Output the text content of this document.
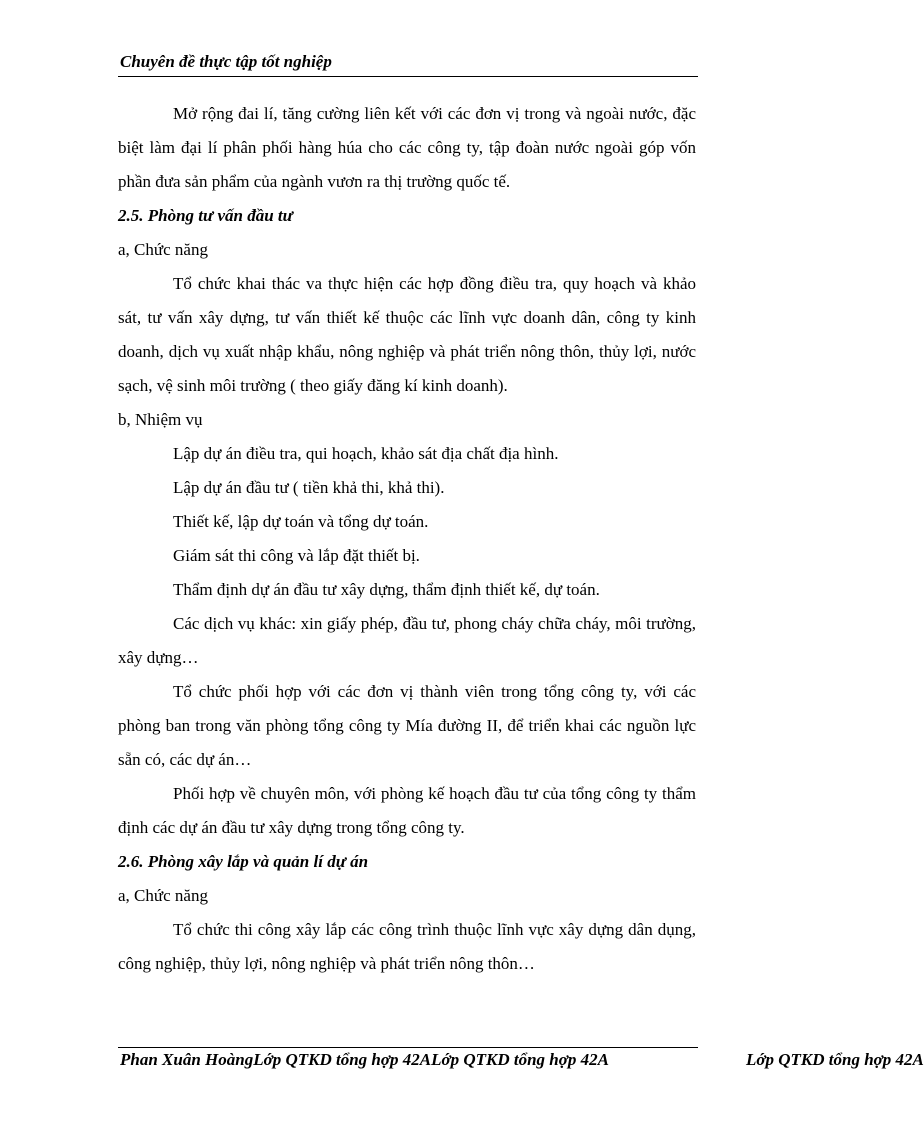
Chuyên đề thực tập tốt nghiệp

Mở rộng đai lí, tăng cường liên kết với các đơn vị trong và ngoài nước, đặc biệt làm đại lí phân phối hàng húa cho các công ty, tập đoàn nước ngoài góp vốn phần đưa sản phẩm của ngành vươn ra thị trường quốc tế.

2.5. Phòng tư vấn đầu tư

a, Chức năng

Tổ chức khai thác va thực hiện các hợp đồng điều tra, quy hoạch và khảo sát, tư vấn xây dựng, tư vấn thiết kế thuộc các lĩnh vực doanh dân, công ty kinh doanh, dịch vụ xuất nhập khẩu, nông nghiệp và phát triển nông thôn, thủy lợi, nước sạch, vệ sinh môi trường ( theo giấy đăng kí kinh doanh).

b, Nhiệm vụ

Lập dự án điều tra, qui hoạch, khảo sát địa chất địa hình.

Lập dự án đầu tư ( tiền khả thi, khả thi).

Thiết kế, lập dự toán và tổng dự toán.

Giám sát thi công và lắp đặt thiết bị.

Thẩm định dự án đầu tư xây dựng, thẩm định thiết kế, dự toán.

Các dịch vụ khác: xin giấy phép, đầu tư, phong cháy chữa cháy, môi trường, xây dựng…

Tổ chức phối hợp với các đơn vị thành viên trong tổng công ty, với các phòng ban trong văn phòng tổng công ty Mía đường II, để triển khai các nguồn lực sẵn có, các dự án…

Phối hợp về chuyên môn, với phòng kế hoạch đầu tư của tổng công ty thẩm định các dự án đầu tư xây dựng trong tổng công ty.

2.6. Phòng xây lắp và quản lí dự án

a, Chức năng

Tổ chức thi công xây lắp các công trình thuộc lĩnh vực xây dựng dân dụng, công nghiệp, thủy lợi, nông nghiệp và phát triển nông thôn…

Phan Xuân HoàngLớp QTKD tổng hợp 42ALớp QTKD tổng hợp 42A	Lớp QTKD tổng hợp 42A
